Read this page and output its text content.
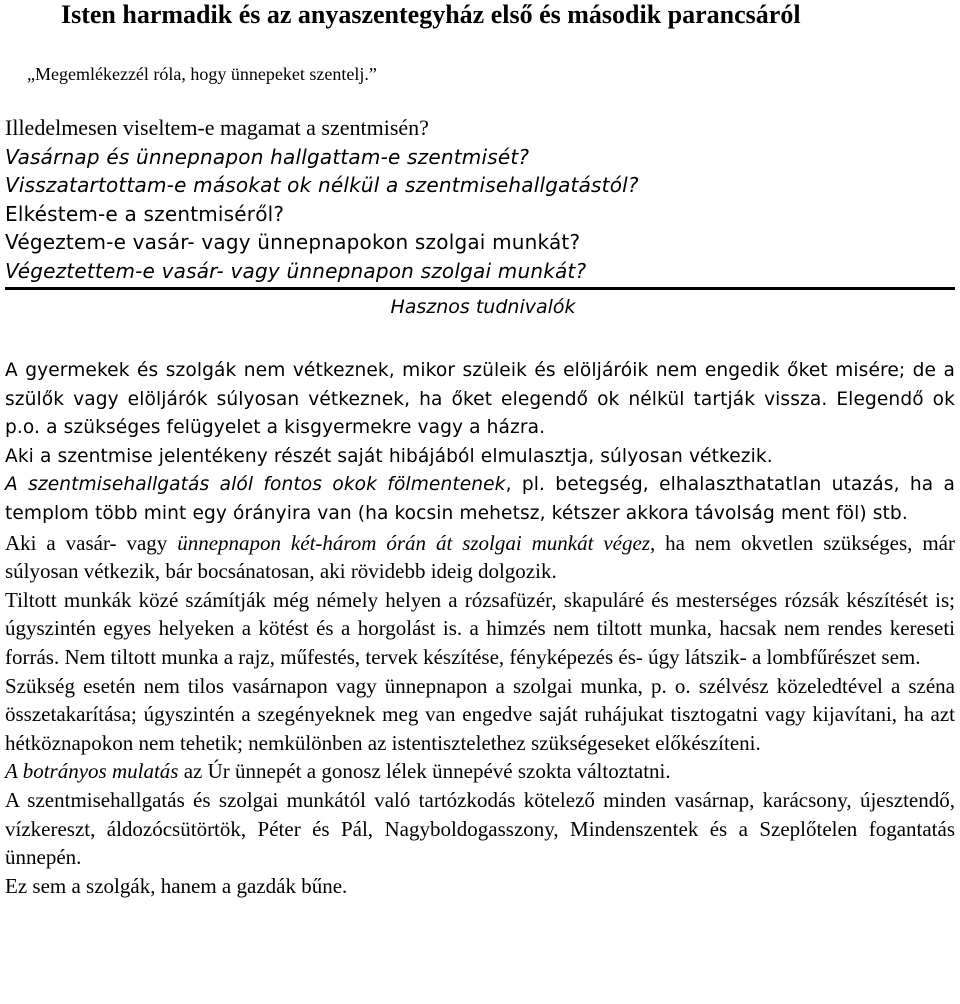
Isten harmadik és az anyaszentegyház első és második parancsáról
„Megemlékezzél róla, hogy ünnepeket szentelj.”
Illedelmesen viseltem-e magamat a szentmisén?
Vasárnap és ünnepnapon hallgattam-e szentmisét?
Visszatartottam-e másokat ok nélkül a szentmisehallgatástól?
Elkéstem-e a szentmiséről?
Végeztem-e vasár- vagy ünnepnapokon szolgai munkát?
Végeztettem-e vasár- vagy ünnepnapon szolgai munkát?
Hasznos tudnivalók

A gyermekek és szolgák nem vétkeznek, mikor szüleik és elöljáróik nem engedik őket misére; de a szülők vagy elöljárók súlyosan vétkeznek, ha őket elegendő ok nélkül tartják vissza. Elegendő ok p.o. a szükséges felügyelet a kisgyermekre vagy a házra.

Aki a szentmise jelentékeny részét saját hibájából elmulasztja, súlyosan vétkezik.

A szentmisehallgatás alól fontos okok fölmentenek, pl. betegség, elhalaszthatatlan utazás, ha a templom több mint egy órányira van (ha kocsin mehetsz, kétszer akkora távolság ment föl) stb.

Aki a vasár- vagy ünnepnapon két-három órán át szolgai munkát végez, ha nem okvetlen szükséges, már súlyosan vétkezik, bár bocsánatosan, aki rövidebb ideig dolgozik.

Tiltott munkák közé számítják még némely helyen a rózsafüzér, skapuláré és mesterséges rózsák készítését is; úgyszintén egyes helyeken a kötést és a horgolást is. a himzés nem tiltott munka, hacsak nem rendes kereseti forrás. Nem tiltott munka a rajz, műfestés, tervek készítése, fényképezés és- úgy látszik- a lombfűrészet sem.

Szükség esetén nem tilos vasárnapon vagy ünnepnapon a szolgai munka, p. o. szélvész közeledtével a széna összetakarítása; úgyszintén a szegényeknek meg van engedve saját ruhájukat tisztogatni vagy kijavítani, ha azt hétköznapokon nem tehetik; nemkülönben az istentisztelethez szükségeseket előkészíteni.

A botrányos mulatás az Úr ünnepét a gonosz lélek ünnepévé szokta változtatni.

A szentmisehallgatás és szolgai munkától való tartózkodás kötelező minden vasárnap, karácsony, újesztendő, vízkereszt, áldozócsütörtök, Péter és Pál, Nagyboldogasszony, Mindenszentek és a Szeplőtelen fogantatás ünnepén.

Ez sem a szolgák, hanem a gazdák bűne.
